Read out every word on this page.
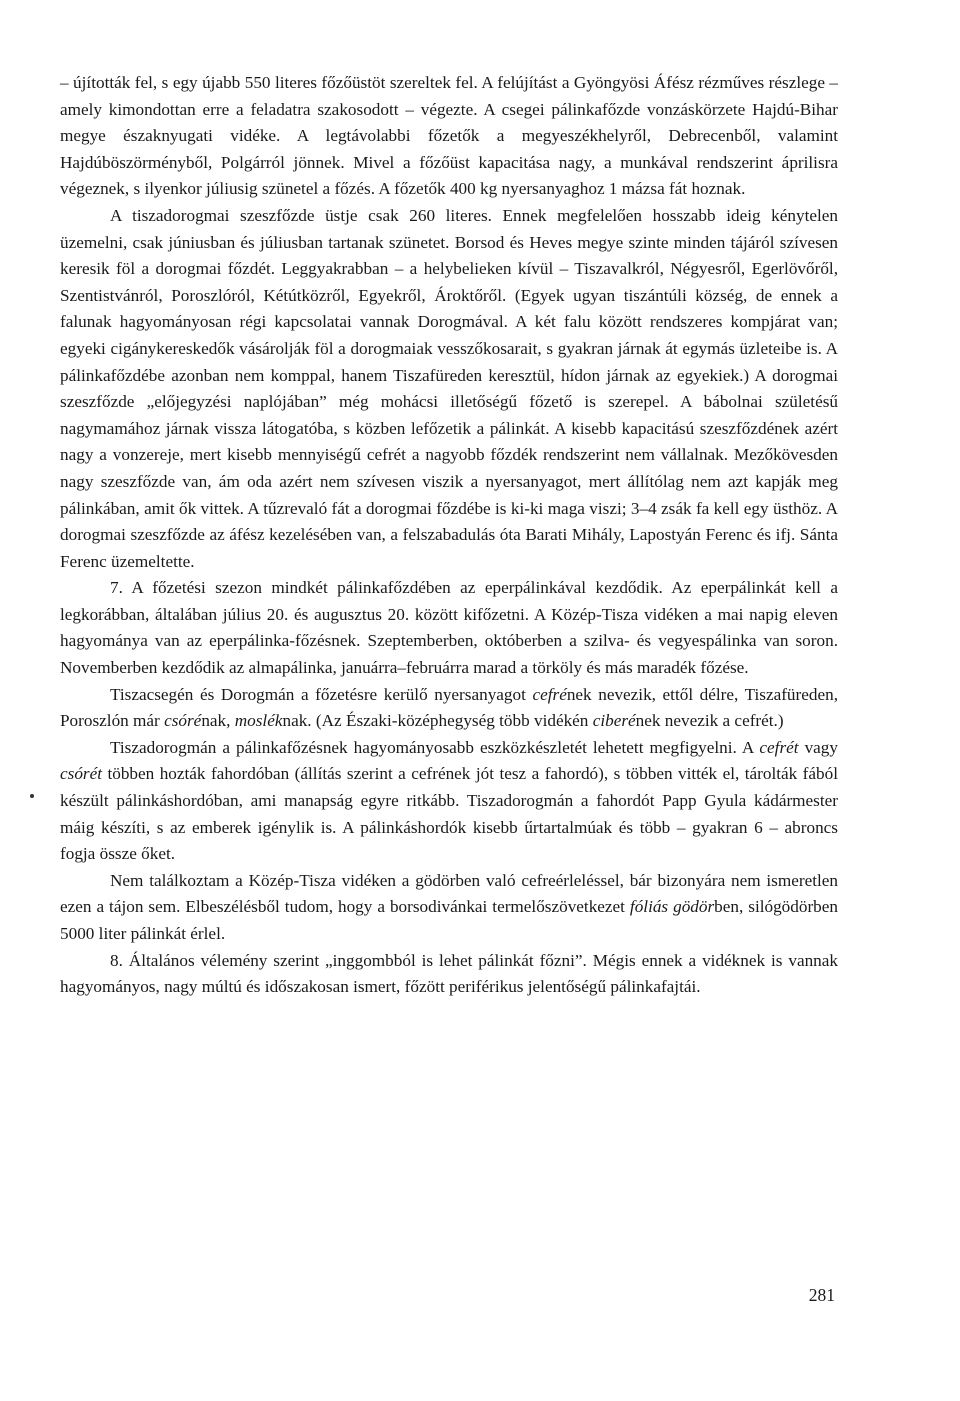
– újították fel, s egy újabb 550 literes főzőüstöt szereltek fel. A felújítást a Gyöngyösi Áfész rézműves részlege – amely kimondottan erre a feladatra szakosodott – végezte. A csegei pálinkafőzde vonzáskörzete Hajdú-Bihar megye északnyugati vidéke. A legtávolabbi főzetők a megyeszékhelyről, Debrecenből, valamint Hajdúböszörményből, Polgárról jönnek. Mivel a főzőüst kapacitása nagy, a munkával rendszerint áprilisra végeznek, s ilyenkor júliusig szünetel a főzés. A főzetők 400 kg nyersanyaghoz 1 mázsa fát hoznak.

A tiszadorogmai szeszfőzde üstje csak 260 literes. Ennek megfelelően hosszabb ideig kénytelen üzemelni, csak júniusban és júliusban tartanak szünetet. Borsod és Heves megye szinte minden tájáról szívesen keresik föl a dorogmai főzdét. Leggyakrabban – a helybelieken kívül – Tiszavalkról, Négyesről, Egerlövőről, Szentistvánról, Poroszlóról, Kétútközről, Egyekről, Ároktőről. (Egyek ugyan tiszántúli község, de ennek a falunak hagyományosan régi kapcsolatai vannak Dorogmával. A két falu között rendszeres kompjárat van; egyeki cigánykereskedők vásárolják föl a dorogmaiak vesszőkosarait, s gyakran járnak át egymás üzleteibe is. A pálinkafőzdébe azonban nem komppal, hanem Tiszafüreden keresztül, hídon járnak az egyekiek.) A dorogmai szeszfőzde „előjegyzési naplójában” még mohácsi illetőségű főzető is szerepel. A bábolnai születésű nagymamához járnak vissza látogatóba, s közben lefőzetik a pálinkát. A kisebb kapacitású szeszfőzdének azért nagy a vonzereje, mert kisebb mennyiségű cefrét a nagyobb főzdék rendszerint nem vállalnak. Mezőkövesden nagy szeszfőzde van, ám oda azért nem szívesen viszik a nyersanyagot, mert állítólag nem azt kapják meg pálinkában, amit ők vittek. A tűzrevaló fát a dorogmai főzdébe is ki-ki maga viszi; 3–4 zsák fa kell egy üsthöz. A dorogmai szeszfőzde az áfész kezelésében van, a felszabadulás óta Barati Mihály, Lapostyán Ferenc és ifj. Sánta Ferenc üzemeltette.

7. A főzetési szezon mindkét pálinkafőzdében az eperpálinkával kezdődik. Az eperpálinkát kell a legkorábban, általában július 20. és augusztus 20. között kifőzetni. A Közép-Tisza vidéken a mai napig eleven hagyománya van az eperpálinka-főzésnek. Szeptemberben, októberben a szilva- és vegyespálinka van soron. Novemberben kezdődik az almapálinka, januárra–februárra marad a törköly és más maradék főzése.

Tiszacsegén és Dorogmán a főzetésre kerülő nyersanyagot cefrének nevezik, ettől délre, Tiszafüreden, Poroszlón már csórénak, mosléknak. (Az Északi-középhegység több vidékén ciberének nevezik a cefrét.)

Tiszadorogmán a pálinkafőzésnek hagyományosabb eszközkészletét lehetett megfigyelni. A cefrét vagy csórét többen hozták fahordóban (állítás szerint a cefrének jót tesz a fahordó), s többen vitték el, tárolták fából készült pálinkáshordóban, ami manapság egyre ritkább. Tiszadorogmán a fahordót Papp Gyula kádármester máig készíti, s az emberek igénylik is. A pálinkáshordók kisebb űrtartalmúak és több – gyakran 6 – abroncs fogja össze őket.

Nem találkoztam a Közép-Tisza vidéken a gödörben való cefreérleléssel, bár bizonyára nem ismeretlen ezen a tájon sem. Elbeszélésből tudom, hogy a borsodivánkai termelőszövetkezet fóliás gödörben, silógödörben 5000 liter pálinkát érlel.

8. Általános vélemény szerint „inggombból is lehet pálinkát főzni”. Mégis ennek a vidéknek is vannak hagyományos, nagy múltú és időszakosan ismert, főzött periférikus jelentőségű pálinkafajtái.

281
